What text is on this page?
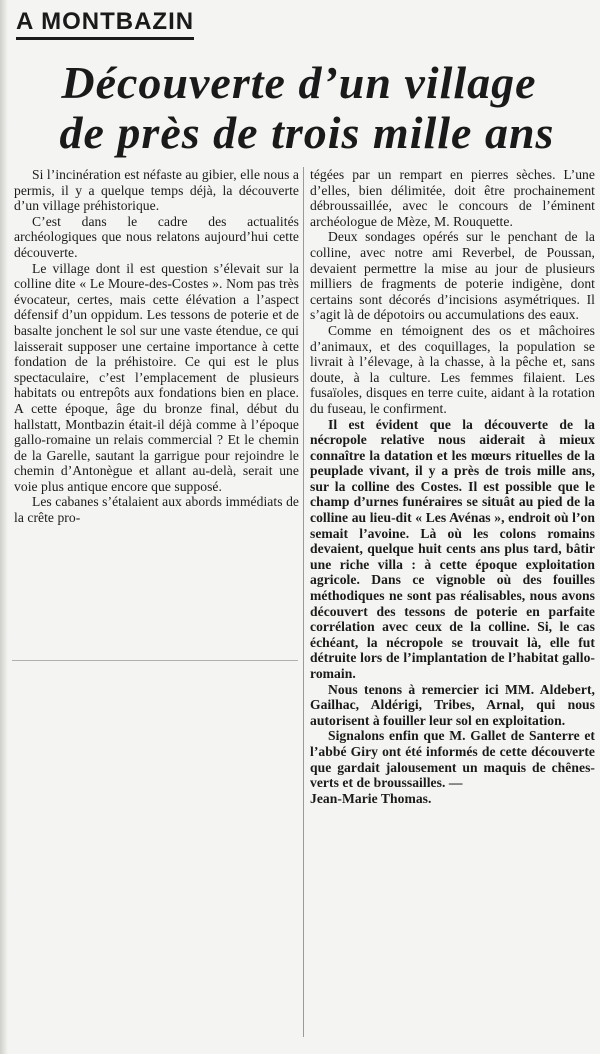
A MONTBAZIN
Découverte d’un village
de près de trois mille ans

Si l’incinération est néfaste au gibier, elle nous a permis, il y a quelque temps déjà, la découverte d’un village préhistorique.

C’est dans le cadre des actualités archéologiques que nous relatons aujourd’hui cette découverte.

Le village dont il est question s’élevait sur la colline dite « Le Moure-des-Costes ». Nom pas très évocateur, certes, mais cette élévation a l’aspect défensif d’un oppidum. Les tessons de poterie et de basalte jonchent le sol sur une vaste étendue, ce qui laisserait supposer une certaine importance à cette fondation de la préhistoire. Ce qui est le plus spectaculaire, c’est l’emplacement de plusieurs habitats ou entrepôts aux fondations bien en place. A cette époque, âge du bronze final, début du hallstatt, Montbazin était-il déjà comme à l’époque gallo-romaine un relais commercial ? Et le chemin de la Garelle, sautant la garrigue pour rejoindre le chemin d’Antonègue et allant au-delà, serait une voie plus antique encore que supposé.

Les cabanes s’étalaient aux abords immédiats de la crête pro-

tégées par un rempart en pierres sèches. L’une d’elles, bien délimitée, doit être prochainement débroussaillée, avec le concours de l’éminent archéologue de Mèze, M. Rouquette.

Deux sondages opérés sur le penchant de la colline, avec notre ami Reverbel, de Poussan, devaient permettre la mise au jour de plusieurs milliers de fragments de poterie indigène, dont certains sont décorés d’incisions asymétriques. Il s’agit là de dépotoirs ou accumulations des eaux.

Comme en témoignent des os et mâchoires d’animaux, et des coquillages, la population se livrait à l’élevage, à la chasse, à la pêche et, sans doute, à la culture. Les femmes filaient. Les fusaïoles, disques en terre cuite, aidant à la rotation du fuseau, le confirment.

Il est évident que la découverte de la nécropole relative nous aiderait à mieux connaître la datation et les mœurs rituelles de la peuplade vivant, il y a près de trois mille ans, sur la colline des Costes. Il est possible que le champ d’urnes funéraires se situât au pied de la colline au lieu-dit « Les Avénas », endroit où l’on semait l’avoine. Là où les colons romains devaient, quelque huit cents ans plus tard, bâtir une riche villa : à cette époque exploitation agricole. Dans ce vignoble où des fouilles méthodiques ne sont pas réalisables, nous avons découvert des tessons de poterie en parfaite corrélation avec ceux de la colline. Si, le cas échéant, la nécropole se trouvait là, elle fut détruite lors de l’implantation de l’habitat gallo-romain.

Nous tenons à remercier ici MM. Aldebert, Gailhac, Aldérigi, Tribes, Arnal, qui nous autorisent à fouiller leur sol en exploitation.

Signalons enfin que M. Gallet de Santerre et l’abbé Giry ont été informés de cette découverte que gardait jalousement un maquis de chênes-verts et de broussailles. —

Jean-Marie Thomas.
